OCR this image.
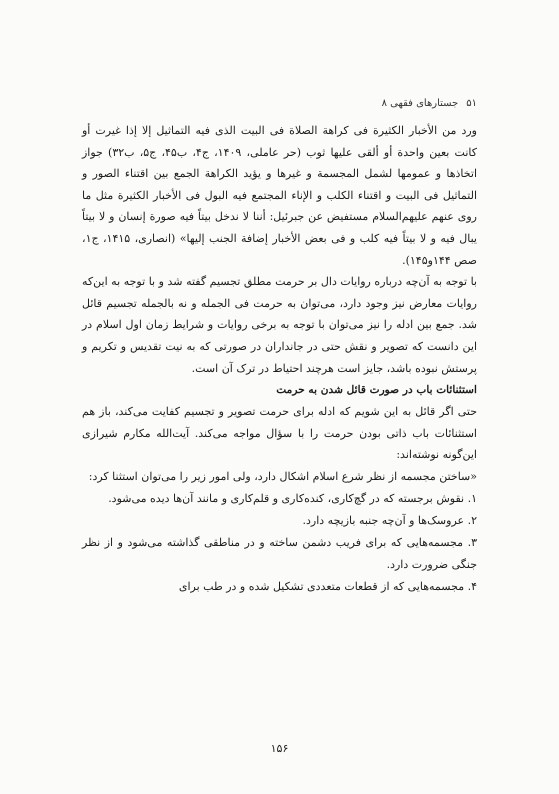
۵۱
جستارهای فقهی ۸

ورد من الأخبار الکثیرة فی کراهة الصلاة فی البیت الذی فیه التماثیل إلا إذا غیرت أو کانت بعین واحدة أو ألقی علیها ثوب (حر عاملی، ۱۴۰۹، ج۴، ب۴۵، ج۵، ب۳۲) جواز اتخاذها و عمومها لشمل المجسمة و غیرها و یؤید الکراهة الجمع بین اقتناء الصور و التماثیل فی البیت و اقتناء الکلب و الإناء المجتمع فیه البول فی الأخبار الکثیرة مثل ما روی عنهم علیهم‌السلام مستفیض عن جبرئیل: أننا لا ندخل بیتاً فیه صورة إنسان و لا بیتاً یبال فیه و لا بیتاً فیه کلب و فی بعض الأخبار إضافة الجنب إلیها» (انصاری، ۱۴۱۵، ج۱، صص ۱۴۴و۱۴۵).

با توجه به آن‌چه درباره روایات دال بر حرمت مطلق تجسیم گفته شد و با توجه به این‌که روایات معارض نیز وجود دارد، می‌توان به حرمت فی الجمله و نه بالجمله تجسیم قائل شد. جمع بین ادله را نیز می‌توان با توجه به برخی روایات و شرایط زمان اول اسلام در این دانست که تصویر و نقش حتی در جانداران در صورتی که به نیت تقدیس و تکریم و پرستش نبوده باشد، جایز است هرچند احتیاط در ترک آن است.

استثنائات باب در صورت قائل شدن به حرمت

حتی اگر قائل به این شویم که ادله برای حرمت تصویر و تجسیم کفایت می‌کند، باز هم استثنائات باب ذاتی بودن حرمت را با سؤال مواجه می‌کند. آیت‌الله مکارم شیرازی این‌گونه نوشته‌اند:

«ساختن مجسمه از نظر شرع اسلام اشکال دارد، ولی امور زیر را می‌توان استثنا کرد:

۱. نقوش برجسته که در گچ‌کاری، کنده‌کاری و قلم‌کاری و مانند آن‌ها دیده می‌شود.

۲. عروسک‌ها و آن‌چه جنبه بازیچه دارد.

۳. مجسمه‌هایی که برای فریب دشمن ساخته و در مناطقی گذاشته می‌شود و از نظر جنگی ضرورت دارد.

۴. مجسمه‌هایی که از قطعات متعددی تشکیل شده و در طب برای

۱۵۶
